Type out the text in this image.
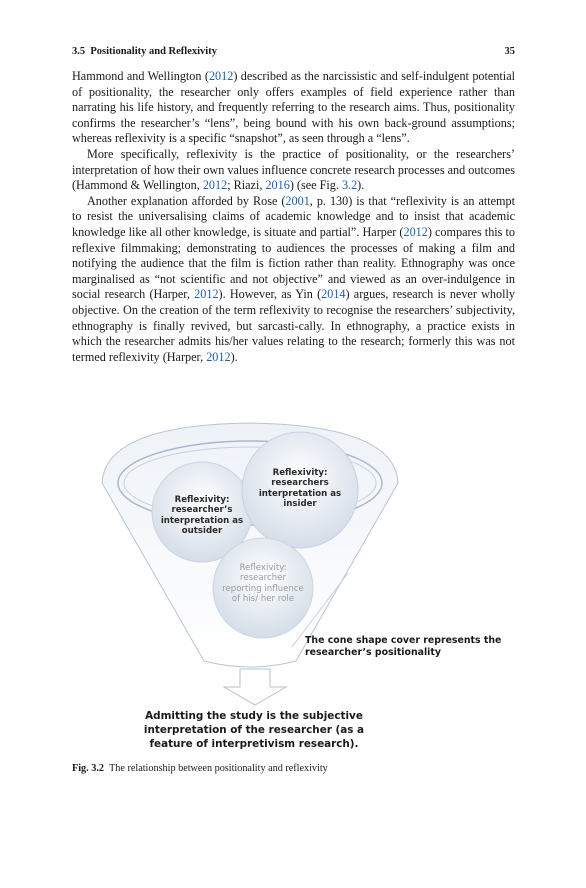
3.5 Positionality and Reflexivity	35

Hammond and Wellington (2012) described as the narcissistic and self-indulgent potential of positionality, the researcher only offers examples of field experience rather than narrating his life history, and frequently referring to the research aims. Thus, positionality confirms the researcher’s “lens”, being bound with his own back-ground assumptions; whereas reflexivity is a specific “snapshot”, as seen through a “lens”.

More specifically, reflexivity is the practice of positionality, or the researchers’ interpretation of how their own values influence concrete research processes and outcomes (Hammond & Wellington, 2012; Riazi, 2016) (see Fig. 3.2).

Another explanation afforded by Rose (2001, p. 130) is that “reflexivity is an attempt to resist the universalising claims of academic knowledge and to insist that academic knowledge like all other knowledge, is situate and partial”. Harper (2012) compares this to reflexive filmmaking; demonstrating to audiences the processes of making a film and notifying the audience that the film is fiction rather than reality. Ethnography was once marginalised as “not scientific and not objective” and viewed as an over-indulgence in social research (Harper, 2012). However, as Yin (2014) argues, research is never wholly objective. On the creation of the term reflexivity to recognise the researchers’ subjectivity, ethnography is finally revived, but sarcasti-cally. In ethnography, a practice exists in which the researcher admits his/her values relating to the research; formerly this was not termed reflexivity (Harper, 2012).

Reflexivity: researcher’s interpretation as outsider
Reflexivity: researchers interpretation as insider
Reflexivity: researcher reporting influence of his/ her role
The cone shape cover represents the researcher’s positionality
Admitting the study is the subjective interpretation of the researcher (as a feature of interpretivism research).
Fig. 3.2 The relationship between positionality and reflexivity
